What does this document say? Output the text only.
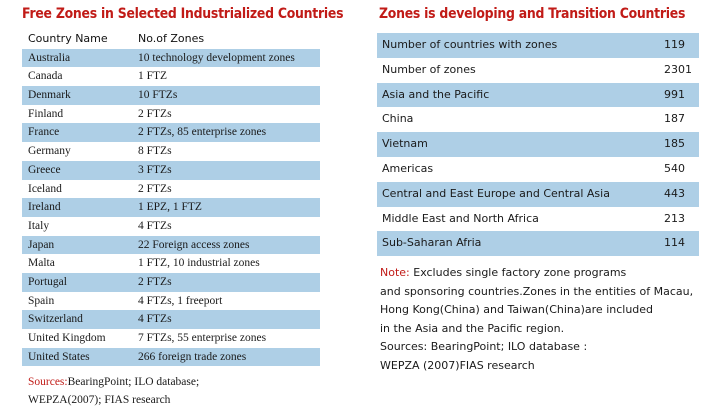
Free Zones in Selected Industrialized Countries
Country Name	No.of Zones
Australia	10 technology development zones
Canada	1 FTZ
Denmark	10 FTZs
Finland	2 FTZs
France	2 FTZs, 85 enterprise zones
Germany	8 FTZs
Greece	3 FTZs
Iceland	2 FTZs
Ireland	1 EPZ, 1 FTZ
Italy	4 FTZs
Japan	22 Foreign access zones
Malta	1 FTZ, 10 industrial zones
Portugal	2 FTZs
Spain	4 FTZs, 1 freeport
Switzerland	4 FTZs
United Kingdom	7 FTZs, 55 enterprise zones
United States	266 foreign trade zones
Sources:BearingPoint; ILO database;
WEPZA(2007); FIAS research
Zones is developing and Transition Countries
Number of countries with zones	119
Number of zones	2301
Asia and the Pacific	991
China	187
Vietnam	185
Americas	540
Central and East Europe and Central Asia	443
Middle East and North Africa	213
Sub-Saharan Afria	114
Note: Excludes single factory zone programs
and sponsoring countries.Zones in the entities of Macau,
Hong Kong(China) and Taiwan(China)are included
in the Asia and the Pacific region.
Sources: BearingPoint; ILO database :
WEPZA (2007)FIAS research
